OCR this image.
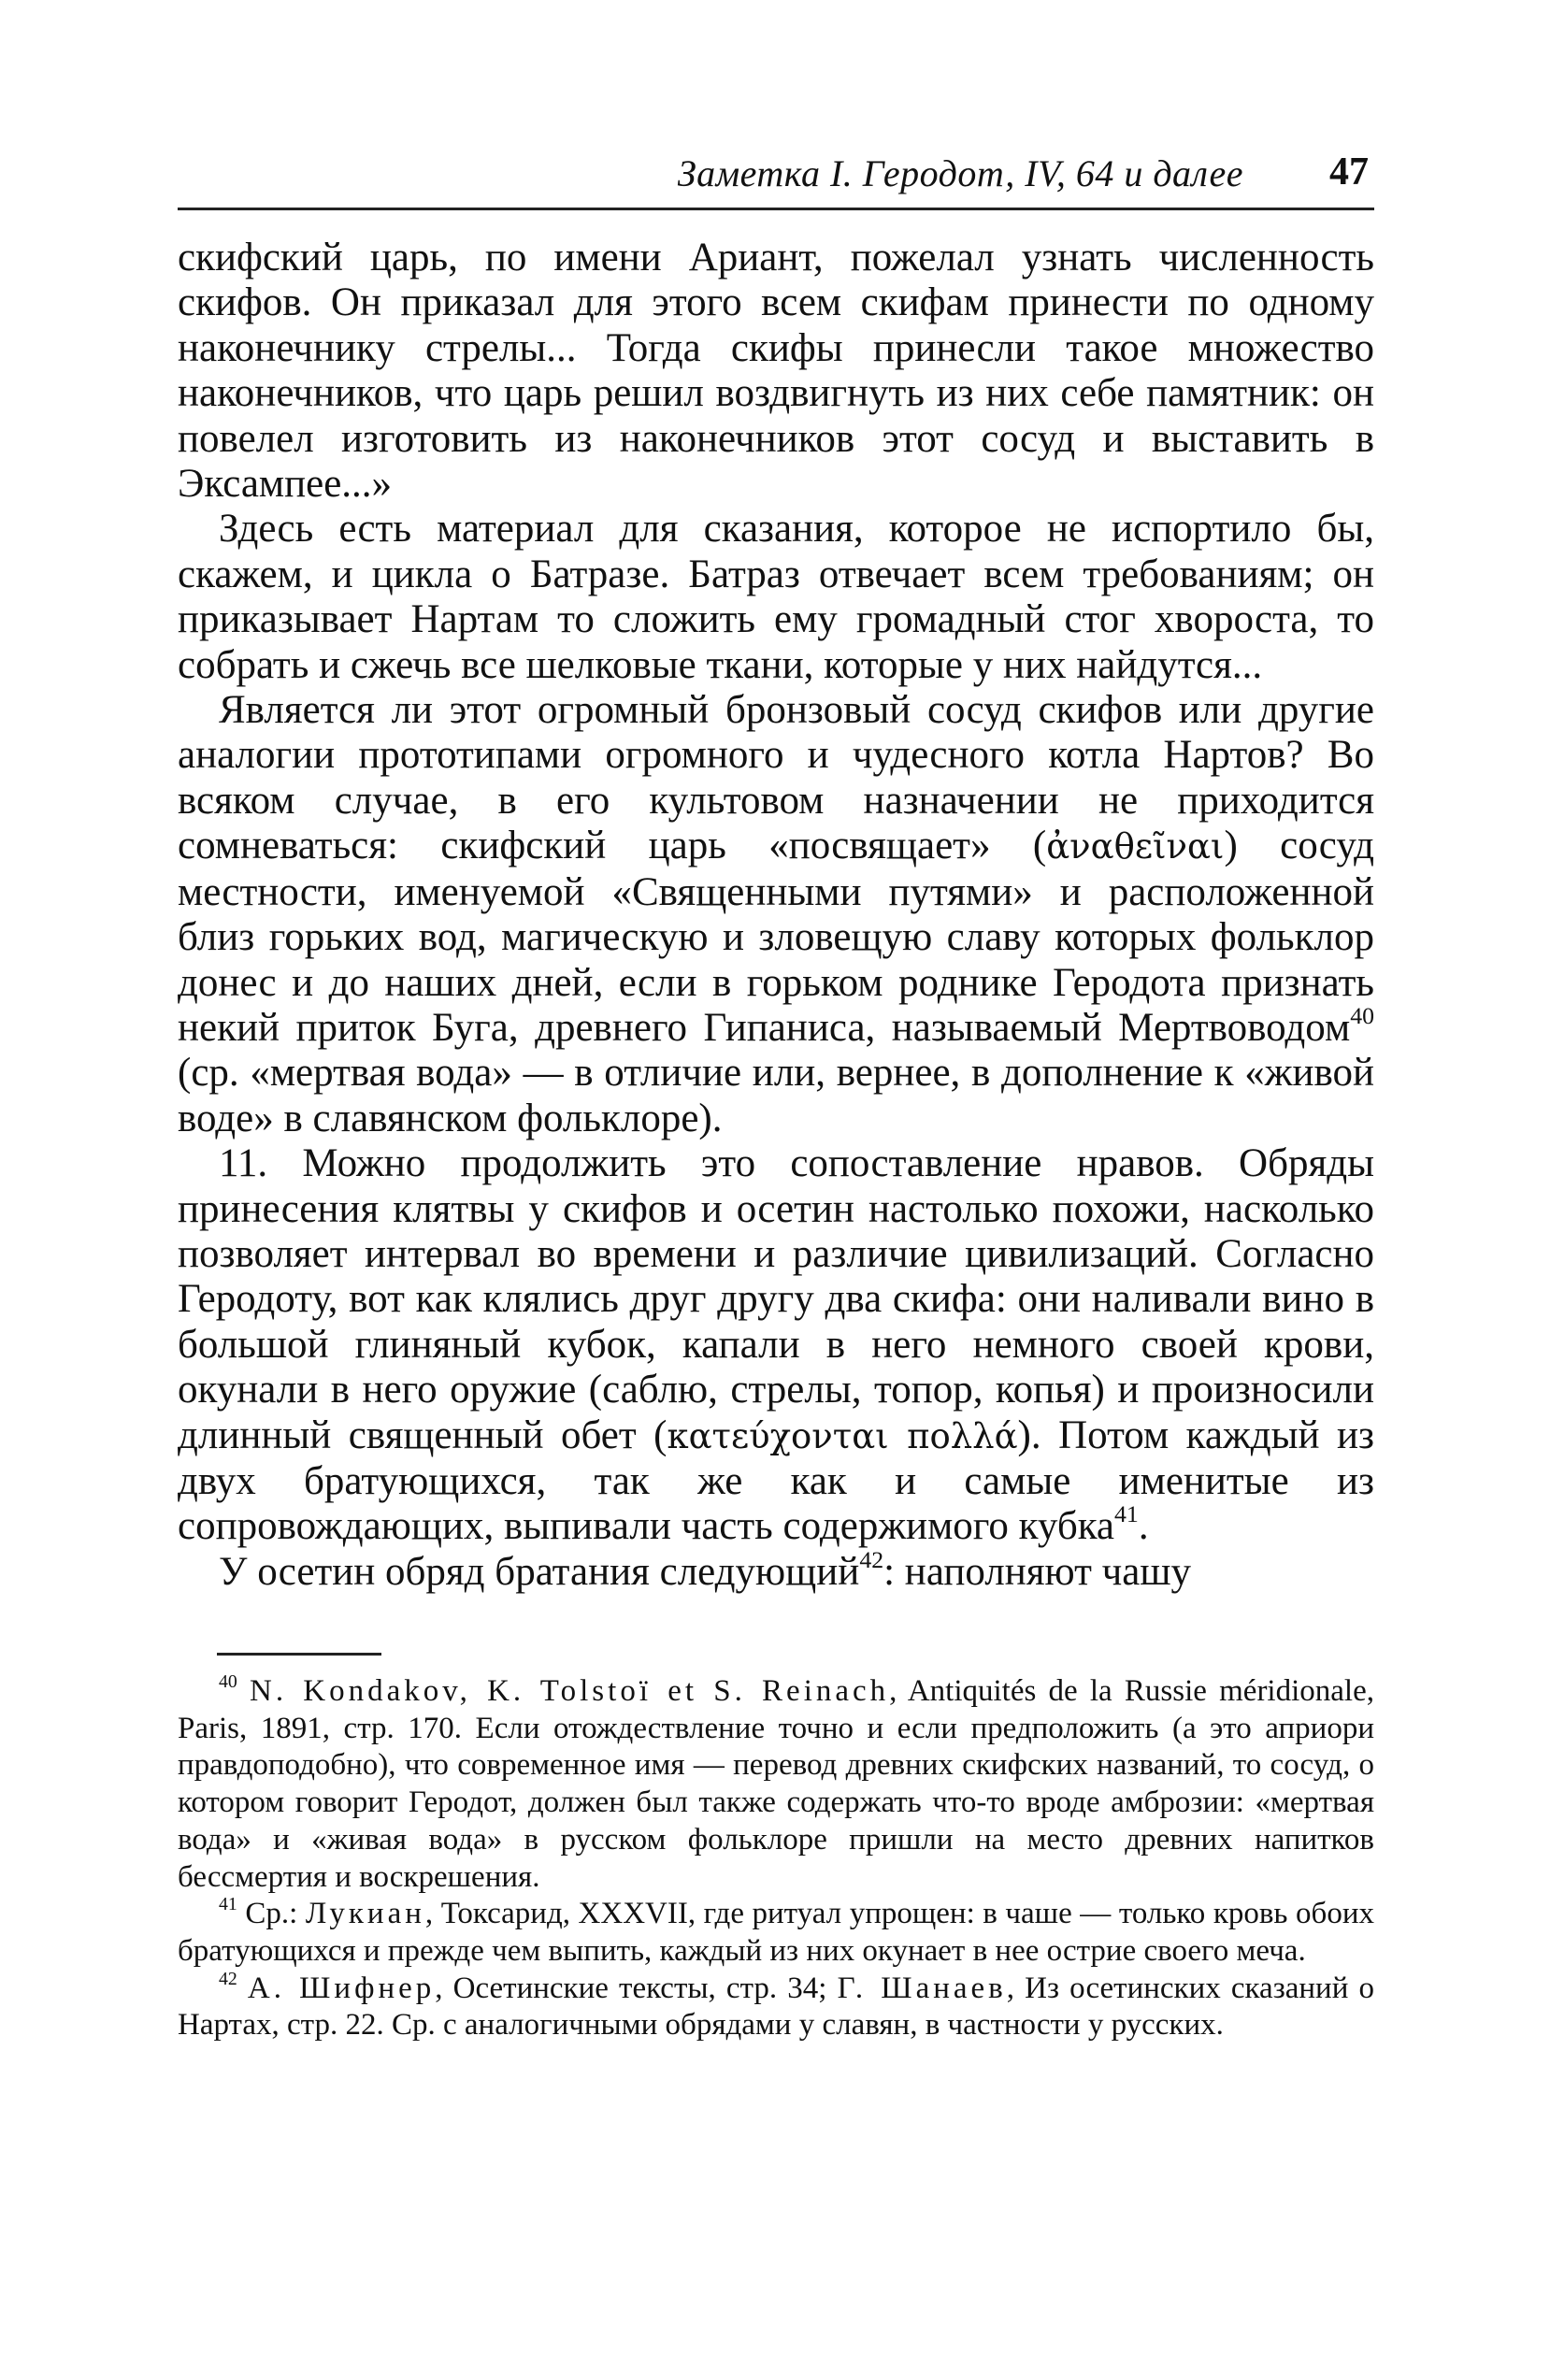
Заметка I. Геродот, IV, 64 и далее 47

скифский царь, по имени Ариант, пожелал узнать численность скифов. Он приказал для этого всем скифам принести по одному наконечнику стрелы... Тогда скифы принесли такое множество наконечников, что царь решил воздвигнуть из них себе памятник: он повелел изготовить из наконечников этот сосуд и выставить в Эксампее...»

Здесь есть материал для сказания, которое не испортило бы, скажем, и цикла о Батразе. Батраз отвечает всем требованиям; он приказывает Нартам то сложить ему громадный стог хвороста, то собрать и сжечь все шелковые ткани, которые у них найдутся...

Является ли этот огромный бронзовый сосуд скифов или другие аналогии прототипами огромного и чудесного котла Нартов? Во всяком случае, в его культовом назначении не приходится сомневаться: скифский царь «посвящает» (ἀναθεῖναι) сосуд местности, именуемой «Священными путями» и расположенной близ горьких вод, магическую и зловещую славу которых фольклор донес и до наших дней, если в горьком роднике Геродота признать некий приток Буга, древнего Гипаниса, называемый Мертвоводом$^{40}$ (ср. «мертвая вода» — в отличие или, вернее, в дополнение к «живой воде» в славянском фольклоре).

11. Можно продолжить это сопоставление нравов. Обряды принесения клятвы у скифов и осетин настолько похожи, насколько позволяет интервал во времени и различие цивилизаций. Согласно Геродоту, вот как клялись друг другу два скифа: они наливали вино в большой глиняный кубок, капали в него немного своей крови, окунали в него оружие (саблю, стрелы, топор, копья) и произносили длинный священный обет (κατεύχονται πολλά). Потом каждый из двух братующихся, так же как и самые именитые из сопровождающих, выпивали часть содержимого кубка$^{41}$.

У осетин обряд братания следующий$^{42}$: наполняют чашу

$^{40}$ N. Kondakov, K. Tolstoï et S. Reinach, Antiquités de la Russie méridionale, Paris, 1891, стр. 170. Если отождествление точно и если предположить (а это априори правдоподобно), что современное имя — перевод древних скифских названий, то сосуд, о котором говорит Геродот, должен был также содержать что-то вроде амброзии: «мертвая вода» и «живая вода» в русском фольклоре пришли на место древних напитков бессмертия и воскрешения.

$^{41}$ Ср.: Лукиан, Токсарид, XXXVII, где ритуал упрощен: в чаше — только кровь обоих братующихся и прежде чем выпить, каждый из них окунает в нее острие своего меча.

$^{42}$ А. Шифнер, Осетинские тексты, стр. 34; Г. Шанаев, Из осетинских сказаний о Нартах, стр. 22. Ср. с аналогичными обрядами у славян, в частности у русских.
